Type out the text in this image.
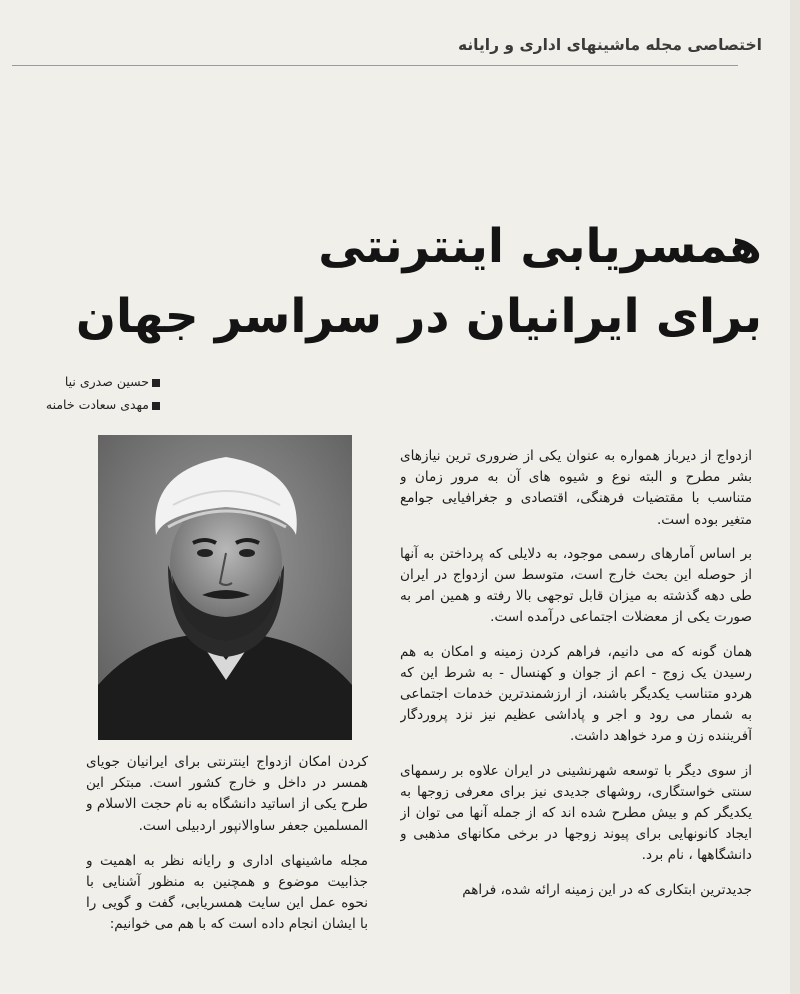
اختصاصی مجله ماشینهای اداری و رایانه
همسریابی اینترنتی
برای ایرانیان در سراسر جهان
حسین صدری نیا
مهدی سعادت خامنه

ازدواج از دیرباز همواره به عنوان یکی از ضروری ترین نیازهای بشر مطرح و البته نوع و شیوه های آن به مرور زمان و متناسب با مقتضیات فرهنگی، اقتصادی و جغرافیایی جوامع متغیر بوده است.

بر اساس آمارهای رسمی موجود، به دلایلی که پرداختن به آنها از حوصله این بحث خارج است، متوسط سن ازدواج در ایران طی دهه گذشته به میزان قابل توجهی بالا رفته و همین امر به صورت یکی از معضلات اجتماعی درآمده است.

همان گونه که می دانیم، فراهم کردن زمینه و امکان به هم رسیدن یک زوج - اعم از جوان و کهنسال - به شرط این که هردو متناسب یکدیگر باشند، از ارزشمندترین خدمات اجتماعی به شمار می رود و اجر و پاداشی عظیم نیز نزد پروردگار آفریننده زن و مرد خواهد داشت.

از سوی دیگر با توسعه شهرنشینی در ایران علاوه بر رسمهای سنتی خواستگاری، روشهای جدیدی نیز برای معرفی زوجها به یکدیگر کم و بیش مطرح شده اند که از جمله آنها می توان از ایجاد کانونهایی برای پیوند زوجها در برخی مکانهای مذهبی و دانشگاهها ، نام برد.

جدیدترین ابتکاری که در این زمینه ارائه شده، فراهم

کردن امکان ازدواج اینترنتی برای ایرانیان جویای همسر در داخل و خارج کشور است. مبتکر این طرح یکی از اساتید دانشگاه به نام حجت الاسلام و المسلمین جعفر ساوالانپور اردبیلی است.

مجله ماشینهای اداری و رایانه نظر به اهمیت و جذابیت موضوع و همچنین به منظور آشنایی با نحوه عمل این سایت همسریابی، گفت و گویی را با ایشان انجام داده است که با هم می خوانیم:
